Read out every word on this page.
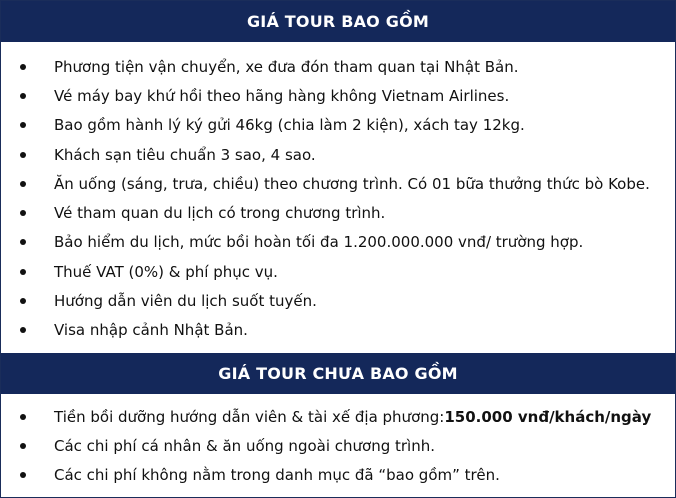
GIÁ TOUR BAO GỒM
Phương tiện vận chuyển, xe đưa đón tham quan tại Nhật Bản.
Vé máy bay khứ hồi theo hãng hàng không Vietnam Airlines.
Bao gồm hành lý ký gửi 46kg (chia làm 2 kiện), xách tay 12kg.
Khách sạn tiêu chuẩn 3 sao, 4 sao.
Ăn uống (sáng, trưa, chiều) theo chương trình. Có 01 bữa thưởng thức bò Kobe.
Vé tham quan du lịch có trong chương trình.
Bảo hiểm du lịch, mức bồi hoàn tối đa 1.200.000.000 vnđ/ trường hợp.
Thuế VAT (0%) & phí phục vụ.
Hướng dẫn viên du lịch suốt tuyến.
Visa nhập cảnh Nhật Bản.
GIÁ TOUR CHƯA BAO GỒM
Tiền bồi dưỡng hướng dẫn viên & tài xế địa phương: 150.000 vnđ/khách/ngày
Các chi phí cá nhân & ăn uống ngoài chương trình.
Các chi phí không nằm trong danh mục đã “bao gồm” trên.
